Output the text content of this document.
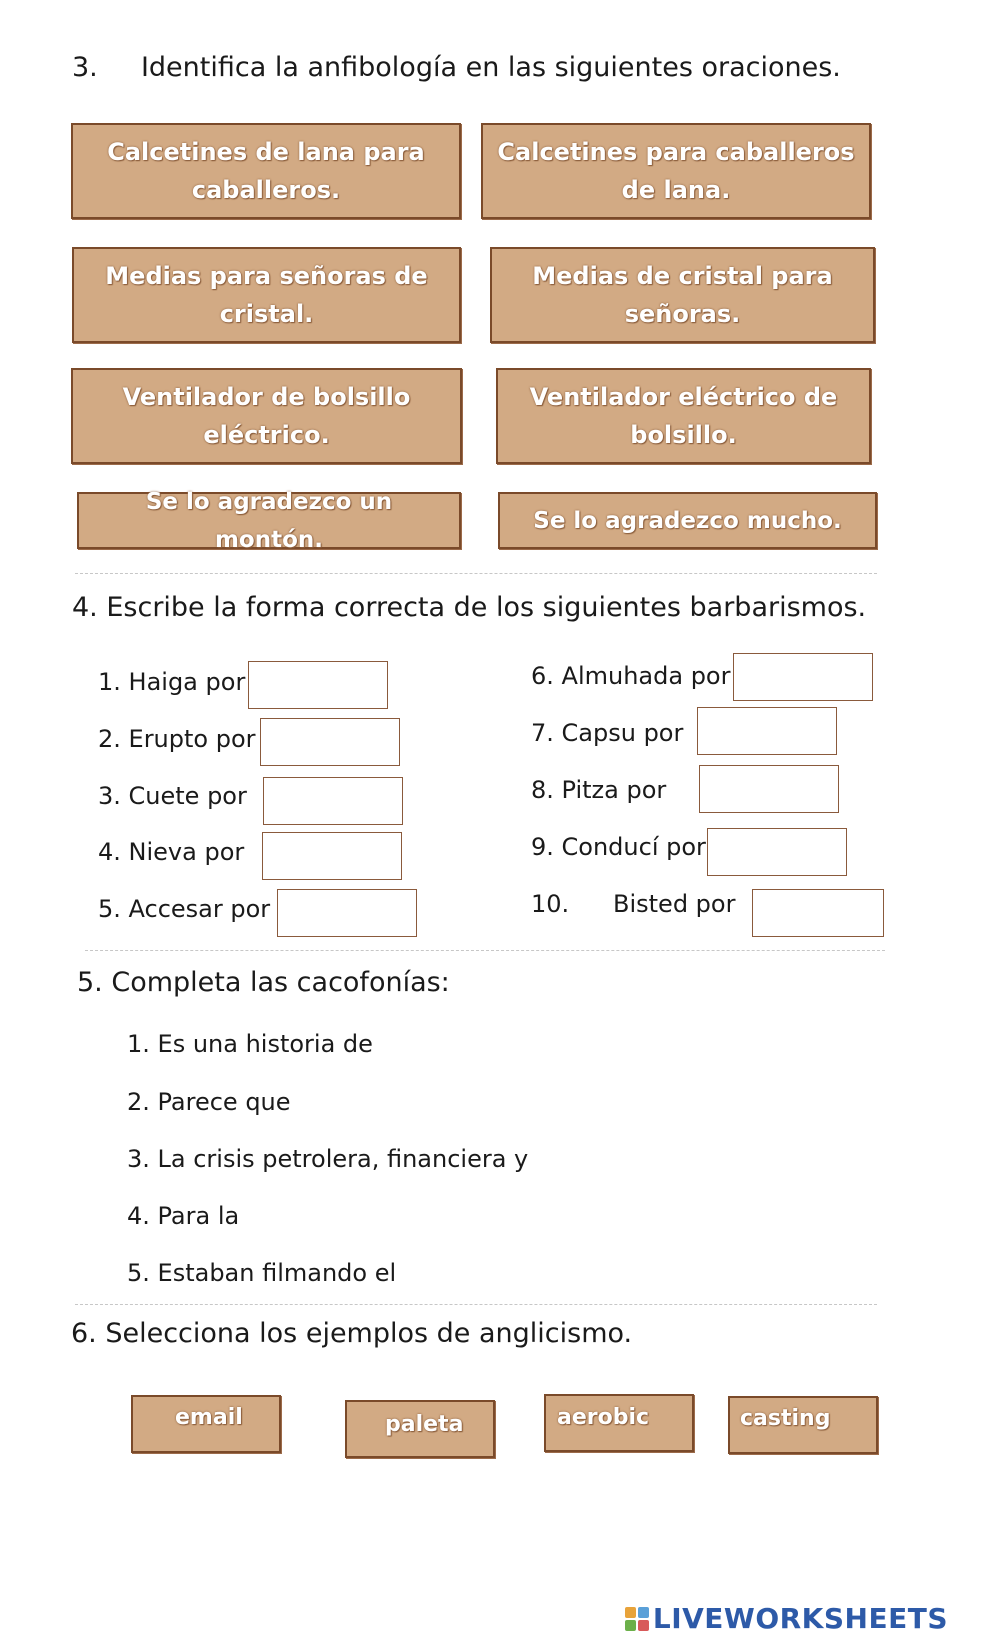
3. Identifica la anfibología en las siguientes oraciones.
Calcetines de lana para caballeros.
Calcetines para caballeros de lana.
Medias para señoras de cristal.
Medias de cristal para señoras.
Ventilador de bolsillo eléctrico.
Ventilador eléctrico de bolsillo.
Se lo agradezco un montón.
Se lo agradezco mucho.
4. Escribe la forma correcta de los siguientes barbarismos.
1. Haiga por
2. Erupto por
3. Cuete por
4. Nieva por
5. Accesar por
6. Almuhada por
7. Capsu por
8. Pitza por
9. Conducí por
10. Bisted por
5. Completa las cacofonías:
1. Es una historia de
2. Parece que
3. La crisis petrolera, financiera y
4. Para la
5. Estaban filmando el
6. Selecciona los ejemplos de anglicismo.
email	paleta	aerobic	casting
LIVEWORKSHEETS
